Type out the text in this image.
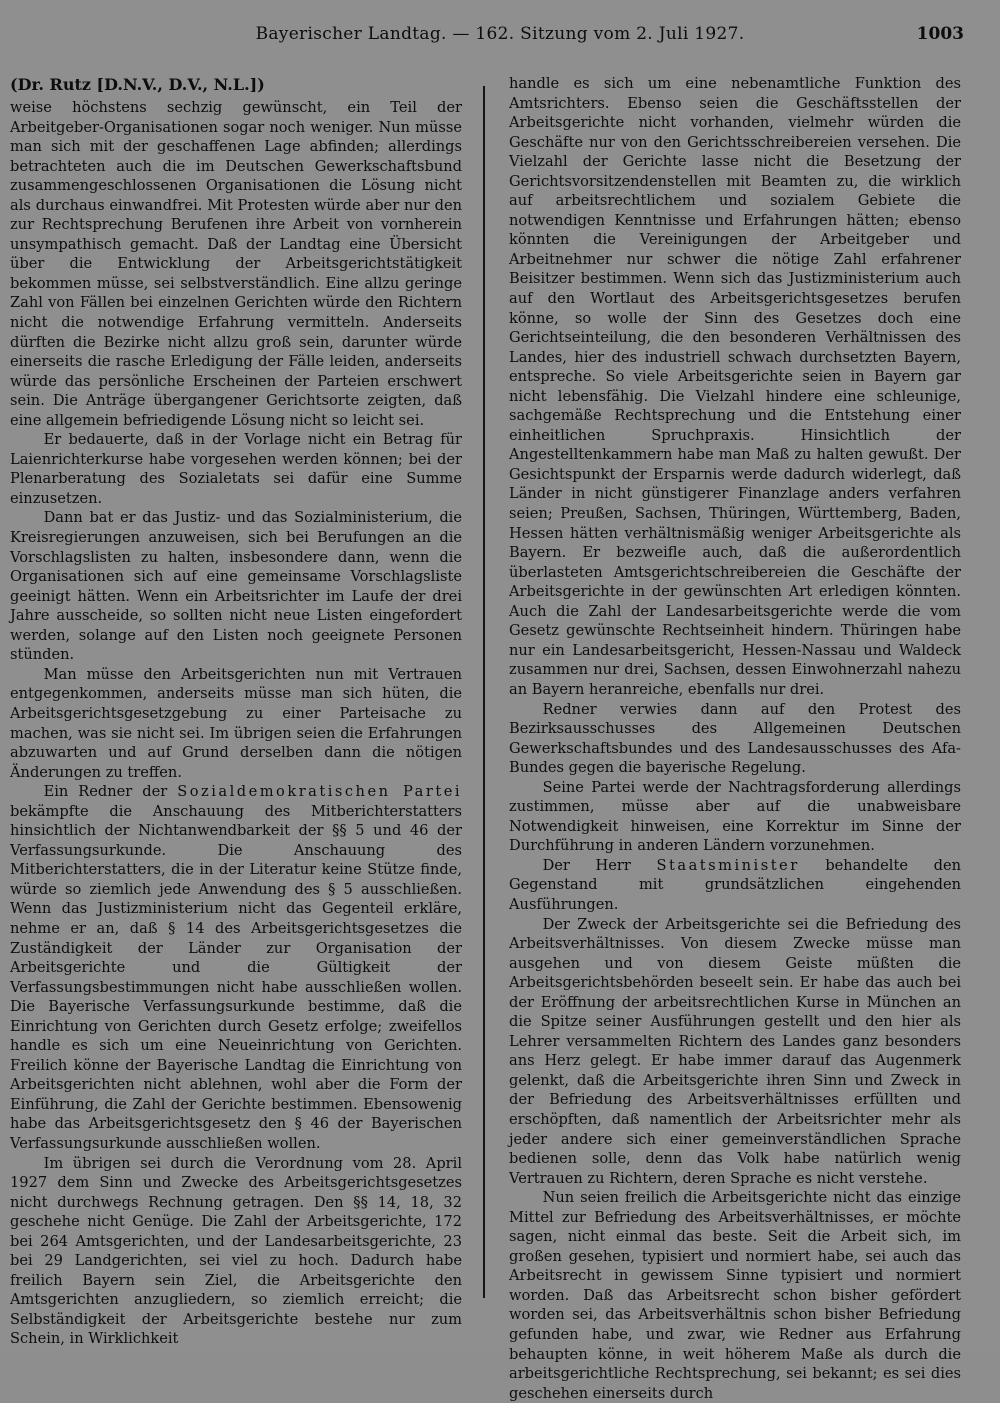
Bayerischer Landtag. — 162. Sitzung vom 2. Juli 1927.	1003

(Dr. Rutz [D.N.V., D.V., N.L.])

weise höchstens sechzig gewünscht, ein Teil der Arbeitgeber-Organisationen sogar noch weniger. Nun müsse man sich mit der geschaffenen Lage abfinden; allerdings betrachteten auch die im Deutschen Gewerkschaftsbund zusammengeschlossenen Organisationen die Lösung nicht als durchaus einwandfrei. Mit Protesten würde aber nur den zur Rechtsprechung Berufenen ihre Arbeit von vornherein unsympathisch gemacht. Daß der Landtag eine Übersicht über die Entwicklung der Arbeitsgerichtstätigkeit bekommen müsse, sei selbstverständlich. Eine allzu geringe Zahl von Fällen bei einzelnen Gerichten würde den Richtern nicht die notwendige Erfahrung vermitteln. Anderseits dürften die Bezirke nicht allzu groß sein, darunter würde einerseits die rasche Erledigung der Fälle leiden, anderseits würde das persönliche Erscheinen der Parteien erschwert sein. Die Anträge übergangener Gerichtsorte zeigten, daß eine allgemein befriedigende Lösung nicht so leicht sei.

Er bedauerte, daß in der Vorlage nicht ein Betrag für Laienrichterkurse habe vorgesehen werden können; bei der Plenarberatung des Sozialetats sei dafür eine Summe einzusetzen.

Dann bat er das Justiz- und das Sozialministerium, die Kreisregierungen anzuweisen, sich bei Berufungen an die Vorschlagslisten zu halten, insbesondere dann, wenn die Organisationen sich auf eine gemeinsame Vorschlagsliste geeinigt hätten. Wenn ein Arbeitsrichter im Laufe der drei Jahre ausscheide, so sollten nicht neue Listen eingefordert werden, solange auf den Listen noch geeignete Personen stünden.

Man müsse den Arbeitsgerichten nun mit Vertrauen entgegenkommen, anderseits müsse man sich hüten, die Arbeitsgerichtsgesetzgebung zu einer Parteisache zu machen, was sie nicht sei. Im übrigen seien die Erfahrungen abzuwarten und auf Grund derselben dann die nötigen Änderungen zu treffen.

Ein Redner der Sozialdemokratischen Partei bekämpfte die Anschauung des Mitberichterstatters hinsichtlich der Nichtanwendbarkeit der §§ 5 und 46 der Verfassungsurkunde. Die Anschauung des Mitberichterstatters, die in der Literatur keine Stütze finde, würde so ziemlich jede Anwendung des § 5 ausschließen. Wenn das Justizministerium nicht das Gegenteil erkläre, nehme er an, daß § 14 des Arbeitsgerichtsgesetzes die Zuständigkeit der Länder zur Organisation der Arbeitsgerichte und die Gültigkeit der Verfassungsbestimmungen nicht habe ausschließen wollen. Die Bayerische Verfassungsurkunde bestimme, daß die Einrichtung von Gerichten durch Gesetz erfolge; zweifellos handle es sich um eine Neueinrichtung von Gerichten. Freilich könne der Bayerische Landtag die Einrichtung von Arbeitsgerichten nicht ablehnen, wohl aber die Form der Einführung, die Zahl der Gerichte bestimmen. Ebensowenig habe das Arbeitsgerichtsgesetz den § 46 der Bayerischen Verfassungsurkunde ausschließen wollen.

Im übrigen sei durch die Verordnung vom 28. April 1927 dem Sinn und Zwecke des Arbeitsgerichtsgesetzes nicht durchwegs Rechnung getragen. Den §§ 14, 18, 32 geschehe nicht Genüge. Die Zahl der Arbeitsgerichte, 172 bei 264 Amtsgerichten, und der Landesarbeitsgerichte, 23 bei 29 Landgerichten, sei viel zu hoch. Dadurch habe freilich Bayern sein Ziel, die Arbeitsgerichte den Amtsgerichten anzugliedern, so ziemlich erreicht; die Selbständigkeit der Arbeitsgerichte bestehe nur zum Schein, in Wirklichkeit

handle es sich um eine nebenamtliche Funktion des Amtsrichters. Ebenso seien die Geschäftsstellen der Arbeitsgerichte nicht vorhanden, vielmehr würden die Geschäfte nur von den Gerichtsschreibereien versehen. Die Vielzahl der Gerichte lasse nicht die Besetzung der Gerichtsvorsitzendenstellen mit Beamten zu, die wirklich auf arbeitsrechtlichem und sozialem Gebiete die notwendigen Kenntnisse und Erfahrungen hätten; ebenso könnten die Vereinigungen der Arbeitgeber und Arbeitnehmer nur schwer die nötige Zahl erfahrener Beisitzer bestimmen. Wenn sich das Justizministerium auch auf den Wortlaut des Arbeitsgerichtsgesetzes berufen könne, so wolle der Sinn des Gesetzes doch eine Gerichtseinteilung, die den besonderen Verhältnissen des Landes, hier des industriell schwach durchsetzten Bayern, entspreche. So viele Arbeitsgerichte seien in Bayern gar nicht lebensfähig. Die Vielzahl hindere eine schleunige, sachgemäße Rechtsprechung und die Entstehung einer einheitlichen Spruchpraxis. Hinsichtlich der Angestelltenkammern habe man Maß zu halten gewußt. Der Gesichtspunkt der Ersparnis werde dadurch widerlegt, daß Länder in nicht günstigerer Finanzlage anders verfahren seien; Preußen, Sachsen, Thüringen, Württemberg, Baden, Hessen hätten verhältnismäßig weniger Arbeitsgerichte als Bayern. Er bezweifle auch, daß die außerordentlich überlasteten Amtsgerichtschreibereien die Geschäfte der Arbeitsgerichte in der gewünschten Art erledigen könnten. Auch die Zahl der Landesarbeitsgerichte werde die vom Gesetz gewünschte Rechtseinheit hindern. Thüringen habe nur ein Landesarbeitsgericht, Hessen-Nassau und Waldeck zusammen nur drei, Sachsen, dessen Einwohnerzahl nahezu an Bayern heranreiche, ebenfalls nur drei.

Redner verwies dann auf den Protest des Bezirksausschusses des Allgemeinen Deutschen Gewerkschaftsbundes und des Landesausschusses des Afa-Bundes gegen die bayerische Regelung.

Seine Partei werde der Nachtragsforderung allerdings zustimmen, müsse aber auf die unabweisbare Notwendigkeit hinweisen, eine Korrektur im Sinne der Durchführung in anderen Ländern vorzunehmen.

Der Herr Staatsminister behandelte den Gegenstand mit grundsätzlichen eingehenden Ausführungen.

Der Zweck der Arbeitsgerichte sei die Befriedung des Arbeitsverhältnisses. Von diesem Zwecke müsse man ausgehen und von diesem Geiste müßten die Arbeitsgerichtsbehörden beseelt sein. Er habe das auch bei der Eröffnung der arbeitsrechtlichen Kurse in München an die Spitze seiner Ausführungen gestellt und den hier als Lehrer versammelten Richtern des Landes ganz besonders ans Herz gelegt. Er habe immer darauf das Augenmerk gelenkt, daß die Arbeitsgerichte ihren Sinn und Zweck in der Befriedung des Arbeitsverhältnisses erfüllten und erschöpften, daß namentlich der Arbeitsrichter mehr als jeder andere sich einer gemeinverständlichen Sprache bedienen solle, denn das Volk habe natürlich wenig Vertrauen zu Richtern, deren Sprache es nicht verstehe.

Nun seien freilich die Arbeitsgerichte nicht das einzige Mittel zur Befriedung des Arbeitsverhältnisses, er möchte sagen, nicht einmal das beste. Seit die Arbeit sich, im großen gesehen, typisiert und normiert habe, sei auch das Arbeitsrecht in gewissem Sinne typisiert und normiert worden. Daß das Arbeitsrecht schon bisher gefördert worden sei, das Arbeitsverhältnis schon bisher Befriedung gefunden habe, und zwar, wie Redner aus Erfahrung behaupten könne, in weit höherem Maße als durch die arbeitsgerichtliche Rechtsprechung, sei bekannt; es sei dies geschehen einerseits durch
